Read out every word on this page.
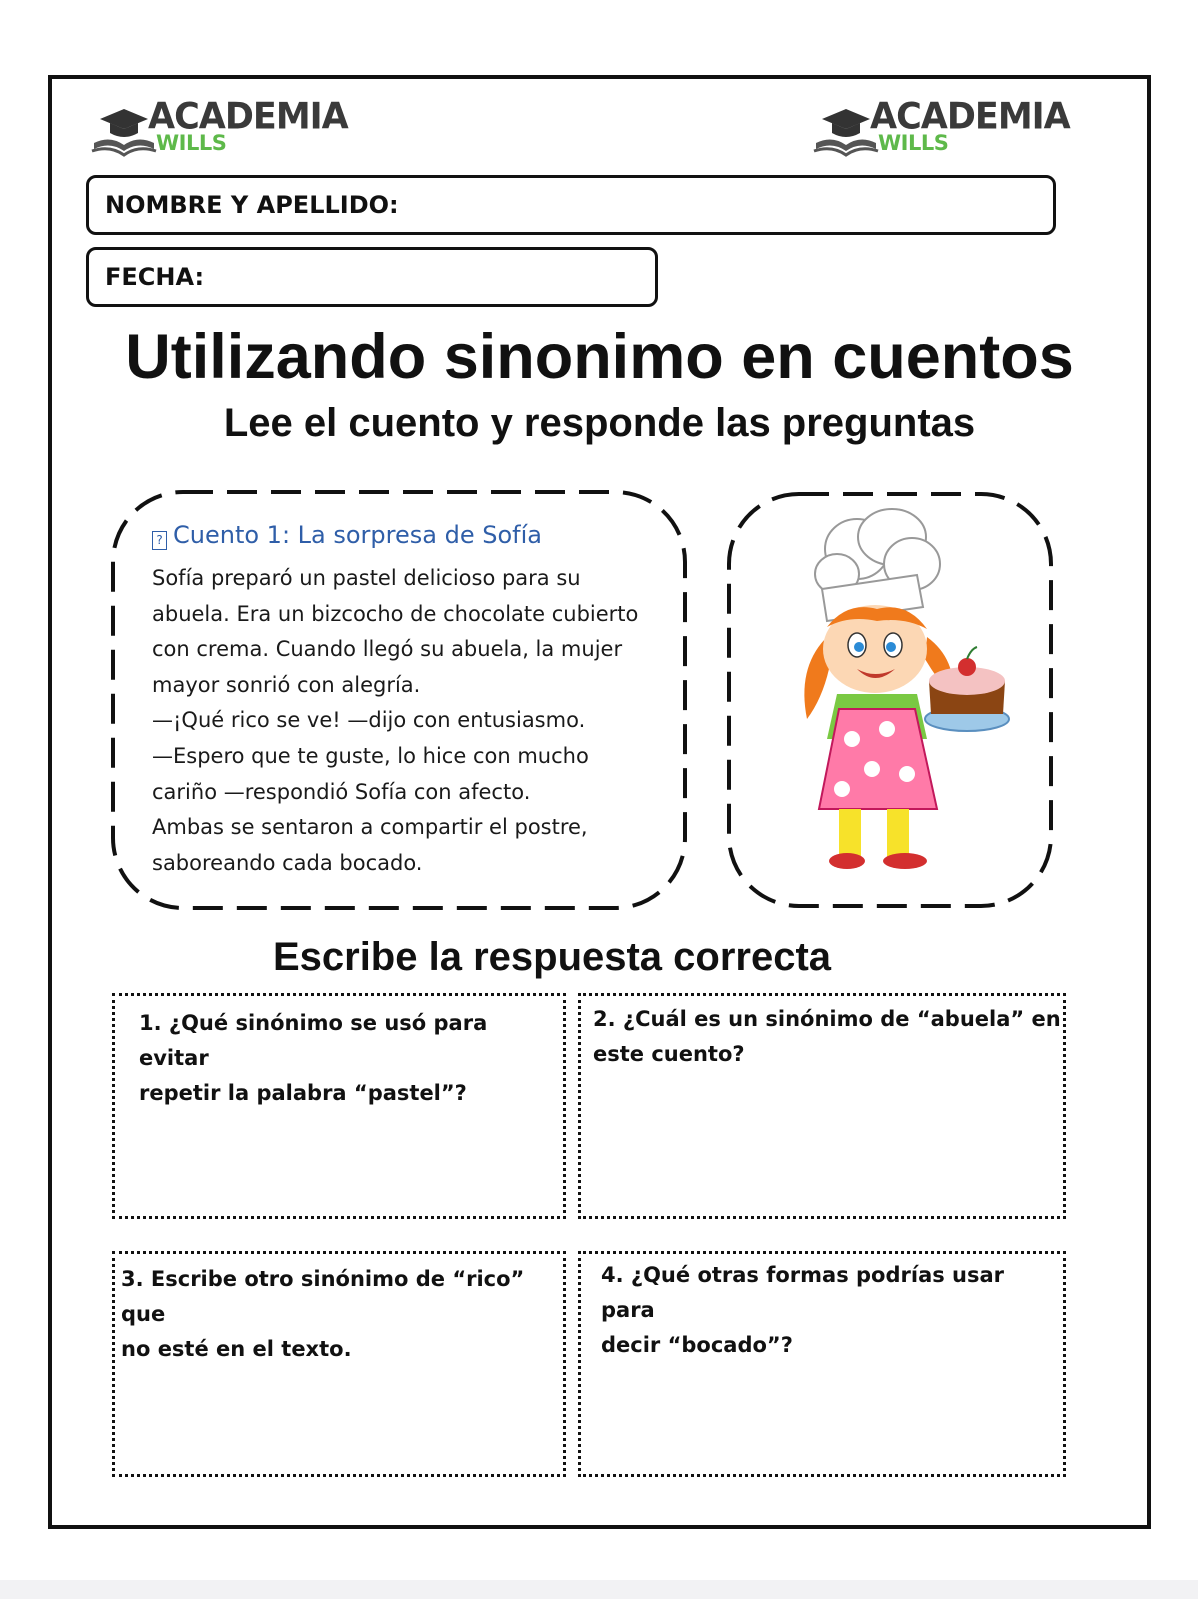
ACADEMIA
WILLS
ACADEMIA
WILLS
NOMBRE Y APELLIDO:
FECHA:
Utilizando sinonimo en cuentos
Lee el cuento y responde las preguntas
? Cuento 1: La sorpresa de Sofía
Sofía preparó un pastel delicioso para su
abuela. Era un bizcocho de chocolate cubierto
con crema. Cuando llegó su abuela, la mujer
mayor sonrió con alegría.
—¡Qué rico se ve! —dijo con entusiasmo.
—Espero que te guste, lo hice con mucho
cariño —respondió Sofía con afecto.
Ambas se sentaron a compartir el postre,
saboreando cada bocado.
Escribe la respuesta correcta
1. ¿Qué sinónimo se usó para evitar
repetir la palabra “pastel”?
2. ¿Cuál es un sinónimo de “abuela” en
este cuento?
3. Escribe otro sinónimo de “rico” que
no esté en el texto.
4. ¿Qué otras formas podrías usar para
decir “bocado”?
